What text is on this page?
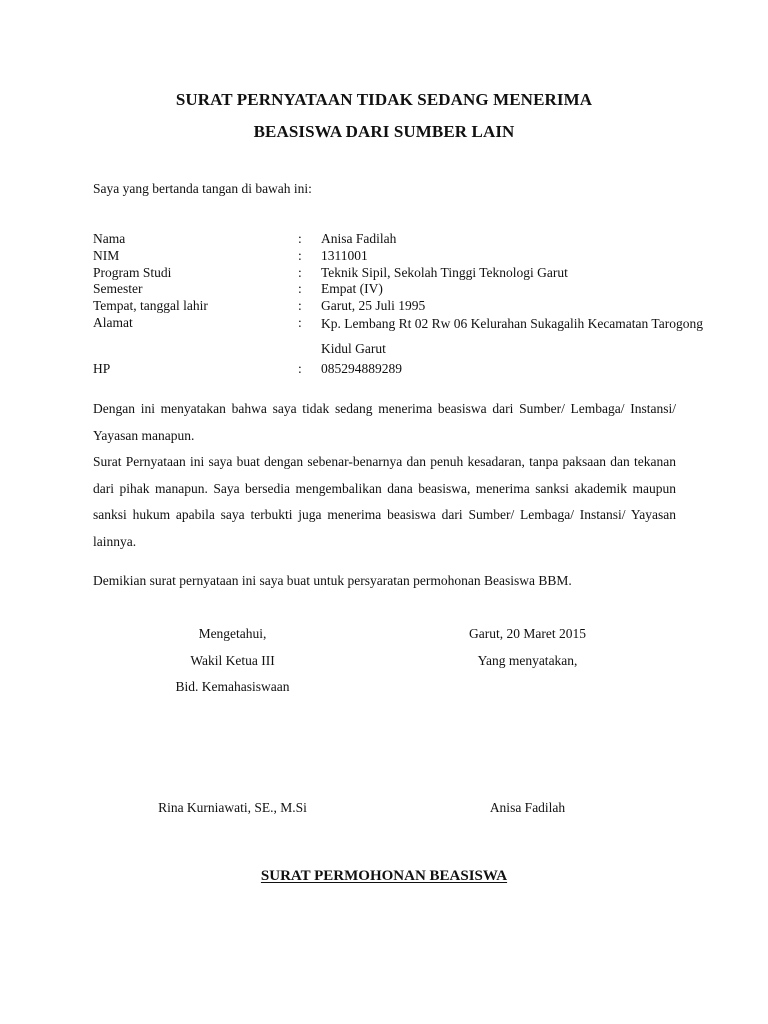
SURAT PERNYATAAN TIDAK SEDANG MENERIMA
BEASISWA DARI SUMBER LAIN
Saya yang bertanda tangan di bawah ini:
Nama	:	Anisa Fadilah
NIM	:	1311001
Program Studi	:	Teknik Sipil, Sekolah Tinggi Teknologi Garut
Semester	:	Empat (IV)
Tempat, tanggal lahir	:	Garut, 25 Juli 1995
Alamat	:	Kp. Lembang Rt 02 Rw 06 Kelurahan Sukagalih Kecamatan Tarogong Kidul Garut
HP	:	085294889289

Dengan ini menyatakan bahwa saya tidak sedang menerima beasiswa dari Sumber/ Lembaga/ Instansi/ Yayasan manapun.

Surat Pernyataan ini saya buat dengan sebenar-benarnya dan penuh kesadaran, tanpa paksaan dan tekanan dari pihak manapun. Saya bersedia mengembalikan dana beasiswa, menerima sanksi akademik maupun sanksi hukum apabila saya terbukti juga menerima beasiswa dari Sumber/ Lembaga/ Instansi/ Yayasan lainnya.

Demikian surat pernyataan ini saya buat untuk persyaratan permohonan Beasiswa BBM.
Mengetahui,
Wakil Ketua III
Bid. Kemahasiswaan
Garut, 20 Maret 2015
Yang menyatakan,
Rina Kurniawati, SE., M.Si	Anisa Fadilah
SURAT PERMOHONAN BEASISWA
